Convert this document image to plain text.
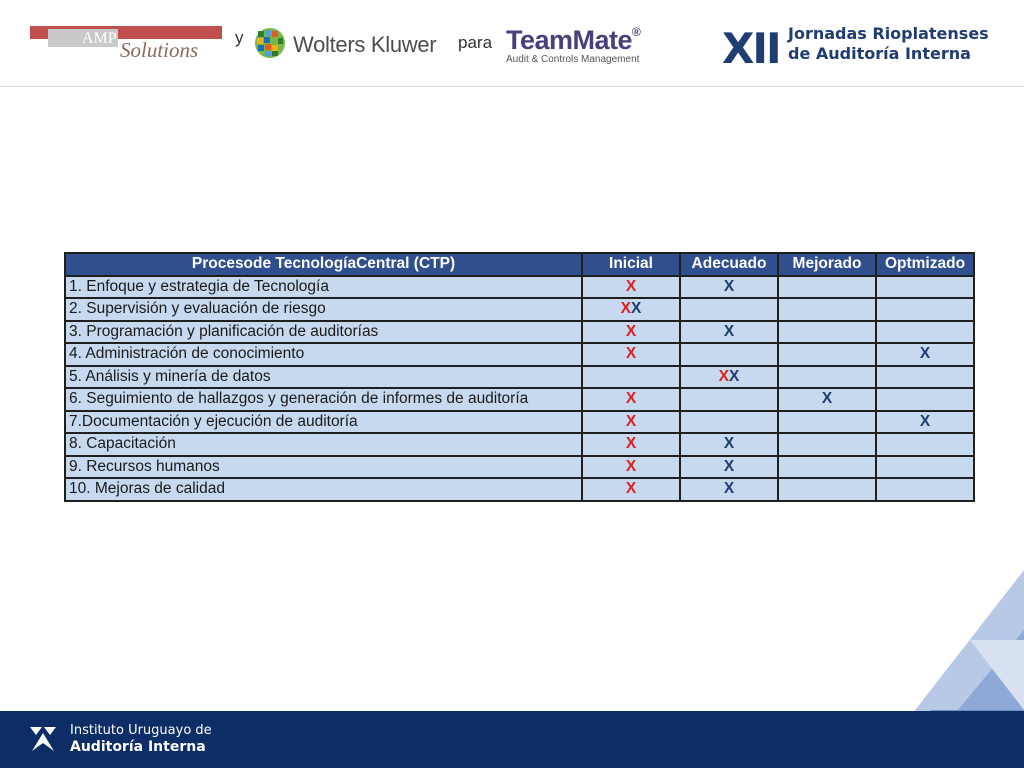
AMP Solutions
y Wolters Kluwer para TeamMate®
Audit & Controls Management XII Jornadas Rioplatenses
de Auditoría Interna
Procesode TecnologíaCentral (CTP)	Inicial	Adecuado	Mejorado	Optmizado
1. Enfoque y estrategia de Tecnología	X	X		
2. Supervisión y evaluación de riesgo	XX			
3. Programación y planificación de auditorías	X	X		
4. Administración de conocimiento	X			X
5. Análisis y minería de datos		XX		
6. Seguimiento de hallazgos y generación de informes de auditoría	X		X	
7.Documentación y ejecución de auditoría	X			X
8. Capacitación	X	X		
9. Recursos humanos	X	X		
10. Mejoras de calidad	X	X		
Instituto Uruguayo de
Auditoría Interna
